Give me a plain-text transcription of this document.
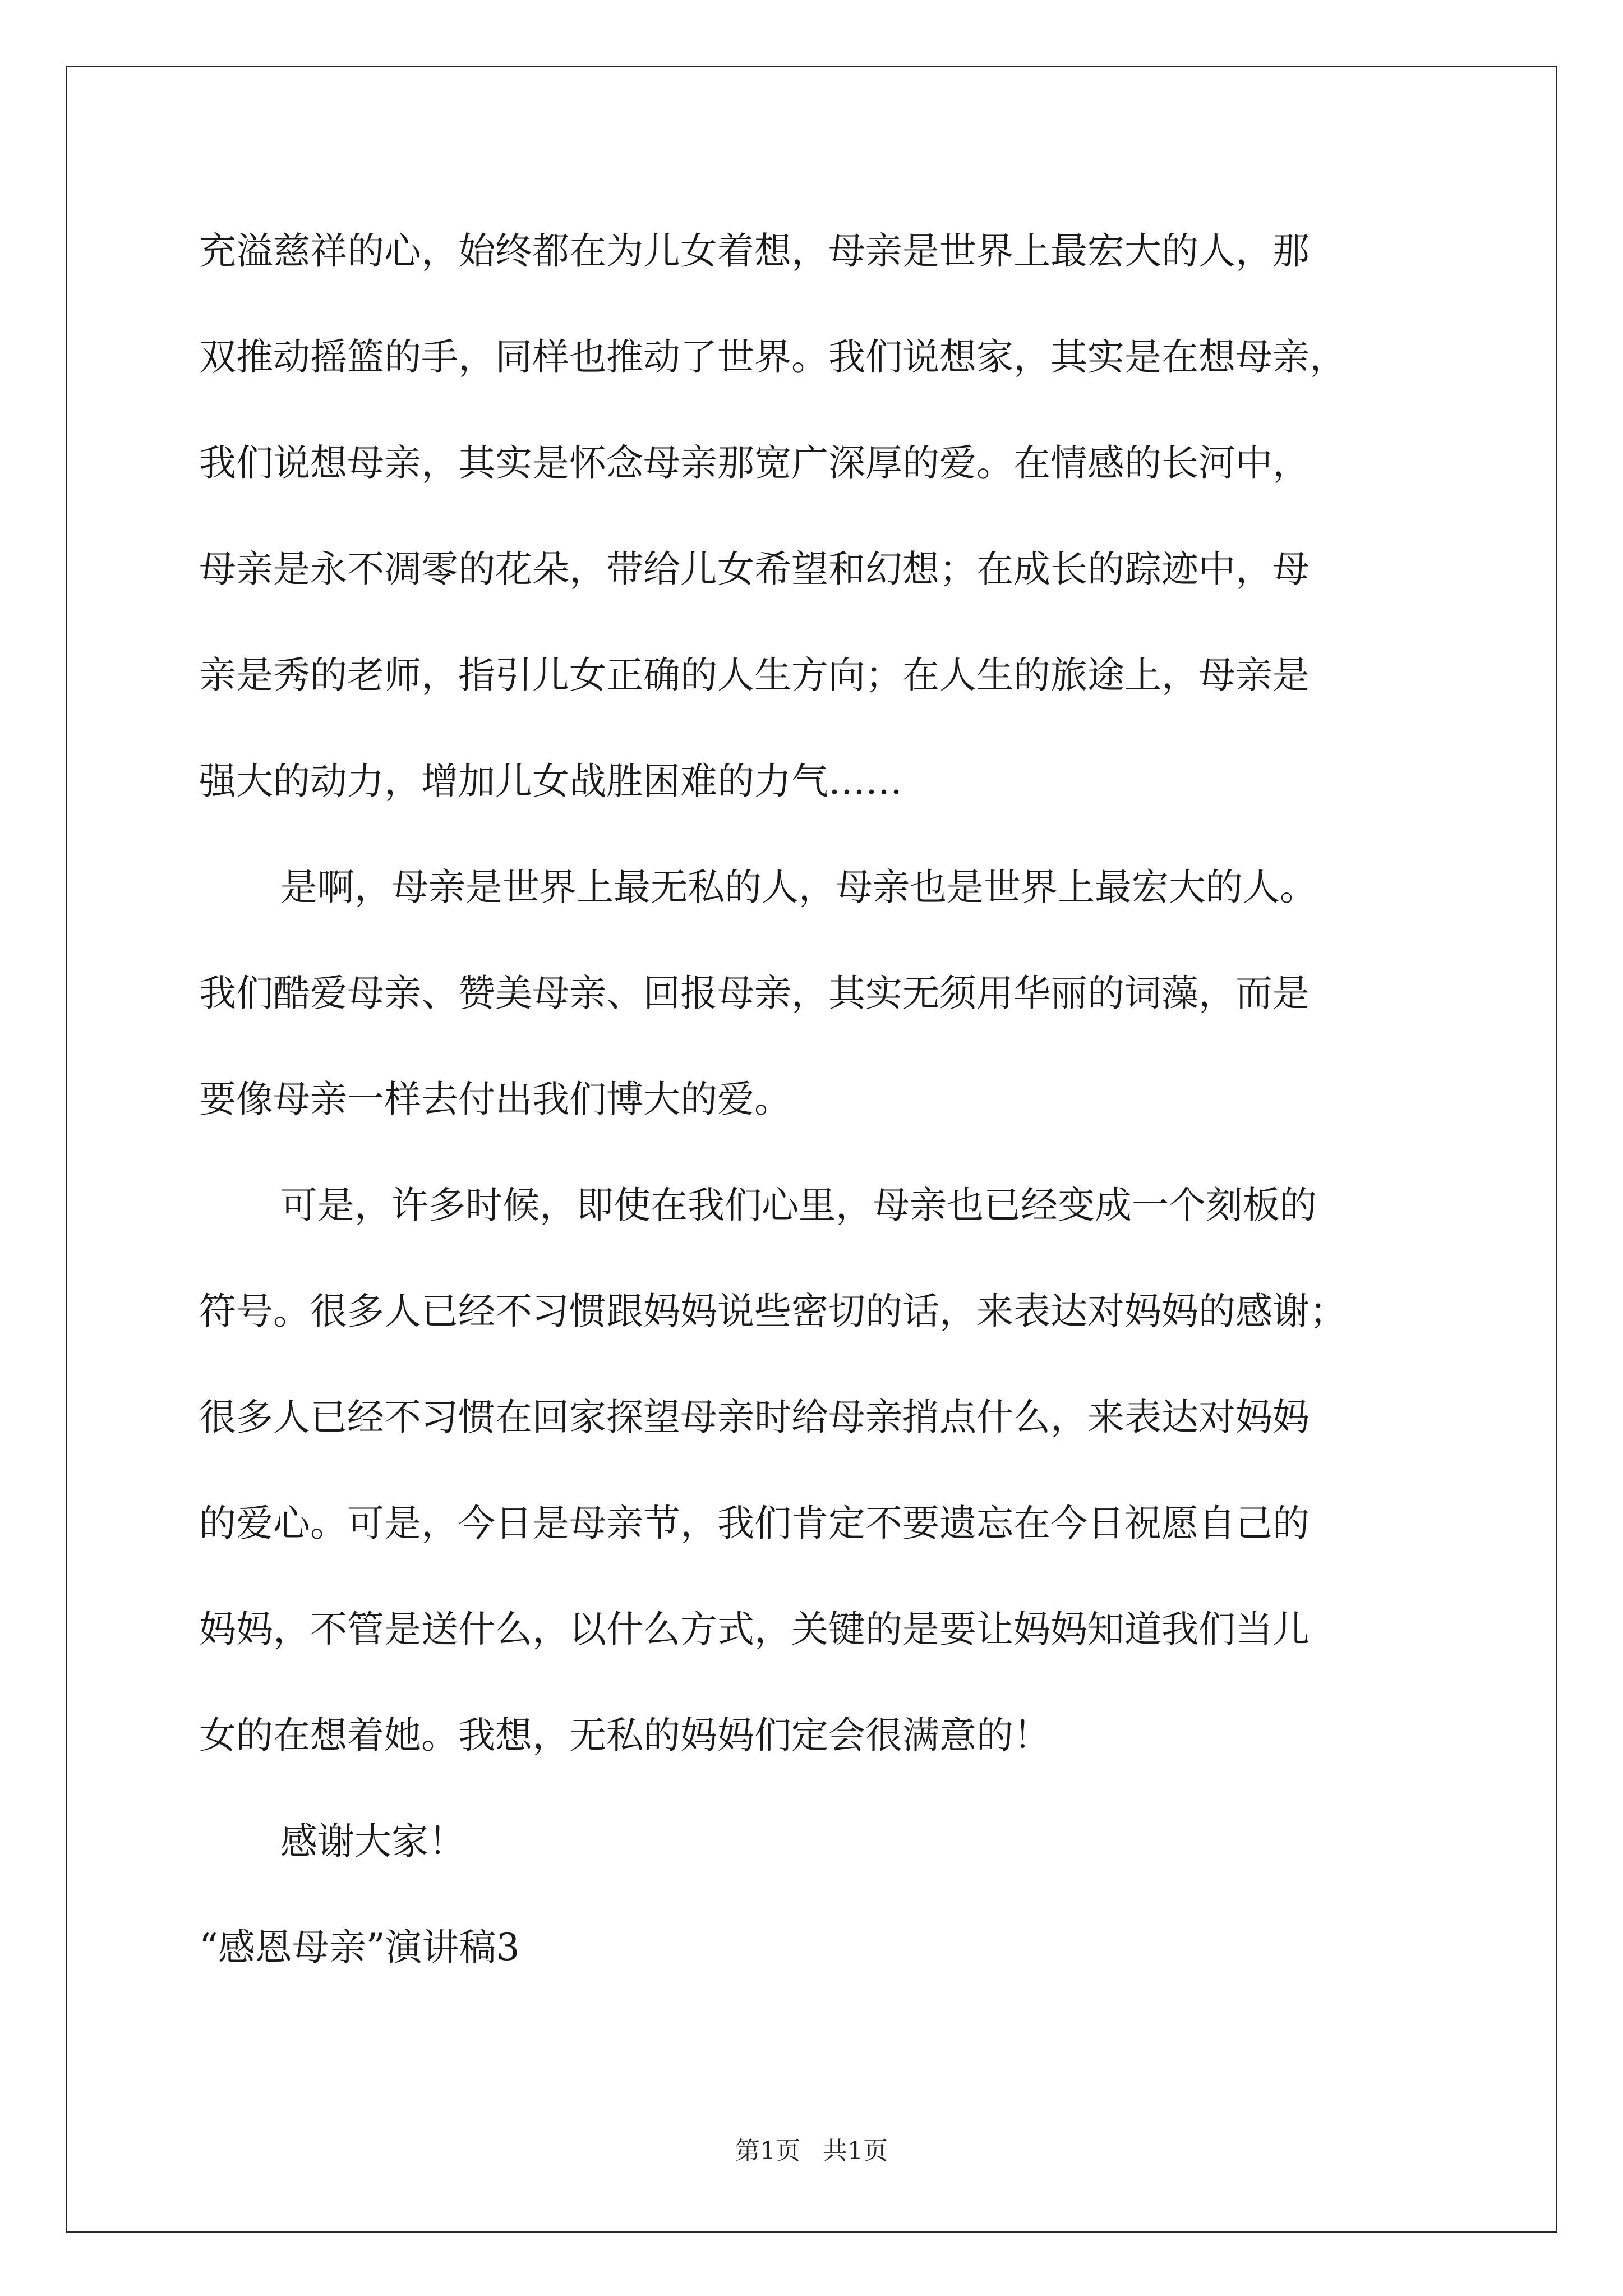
充溢慈祥的心，始终都在为儿女着想，母亲是世界上最宏大的人，那
双推动摇篮的手，同样也推动了世界。我们说想家，其实是在想母亲，
我们说想母亲，其实是怀念母亲那宽广深厚的爱。在情感的长河中，
母亲是永不凋零的花朵，带给儿女希望和幻想；在成长的踪迹中，母
亲是秀的老师，指引儿女正确的人生方向；在人生的旅途上，母亲是
强大的动力，增加儿女战胜困难的力气……
是啊，母亲是世界上最无私的人，母亲也是世界上最宏大的人。
我们酷爱母亲、赞美母亲、回报母亲，其实无须用华丽的词藻，而是
要像母亲一样去付出我们博大的爱。
可是，许多时候，即使在我们心里，母亲也已经变成一个刻板的
符号。很多人已经不习惯跟妈妈说些密切的话，来表达对妈妈的感谢；
很多人已经不习惯在回家探望母亲时给母亲捎点什么，来表达对妈妈
的爱心。可是，今日是母亲节，我们肯定不要遗忘在今日祝愿自己的
妈妈，不管是送什么，以什么方式，关键的是要让妈妈知道我们当儿
女的在想着她。我想，无私的妈妈们定会很满意的！
感谢大家！
“感恩母亲”演讲稿3
第1页 共1页
